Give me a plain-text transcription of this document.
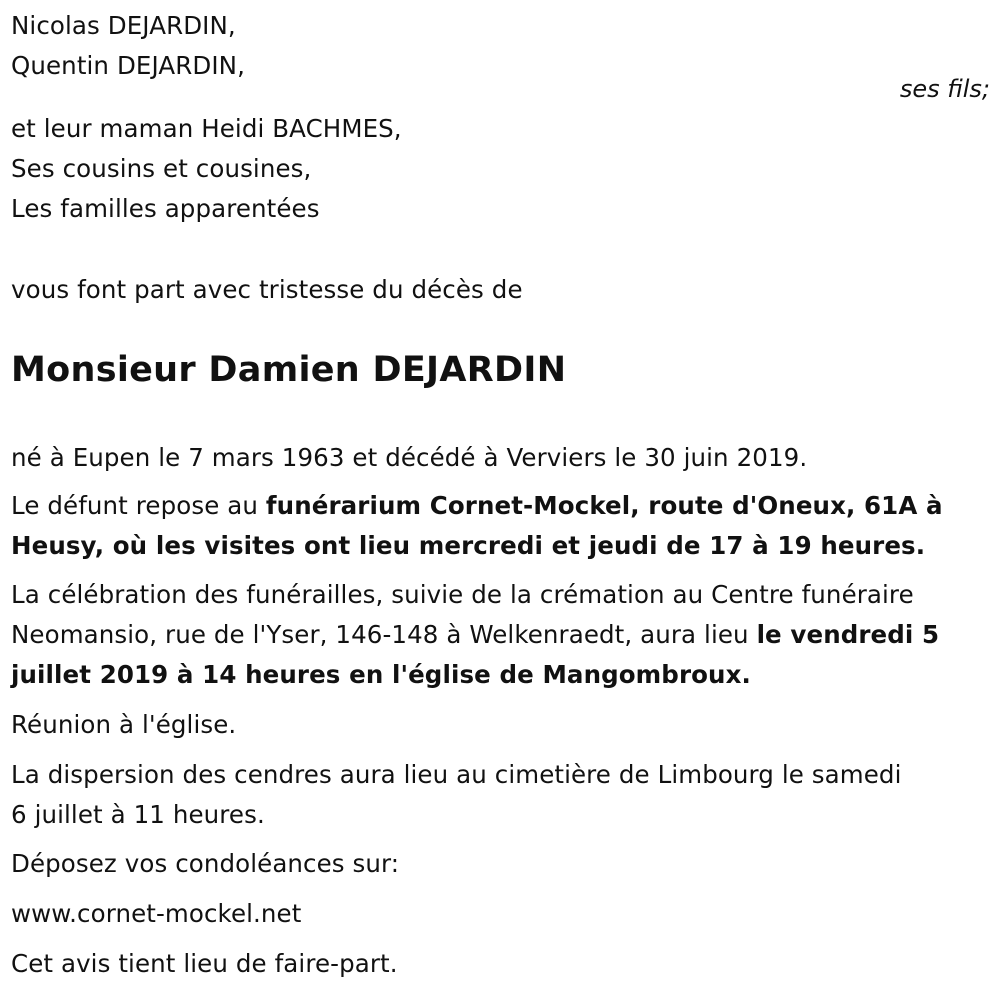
Nicolas DEJARDIN,
Quentin DEJARDIN,
ses fils;
et leur maman Heidi BACHMES,
Ses cousins et cousines,
Les familles apparentées
vous font part avec tristesse du décès de
Monsieur Damien DEJARDIN
né à Eupen le 7 mars 1963 et décédé à Verviers le 30 juin 2019.
Le défunt repose au funérarium Cornet-Mockel, route d'Oneux, 61A à
Heusy, où les visites ont lieu mercredi et jeudi de 17 à 19 heures.
La célébration des funérailles, suivie de la crémation au Centre funéraire
Neomansio, rue de l'Yser, 146-148 à Welkenraedt, aura lieu le vendredi 5
juillet 2019 à 14 heures en l'église de Mangombroux.
Réunion à l'église.
La dispersion des cendres aura lieu au cimetière de Limbourg le samedi
6 juillet à 11 heures.
Déposez vos condoléances sur:
www.cornet-mockel.net
Cet avis tient lieu de faire-part.
